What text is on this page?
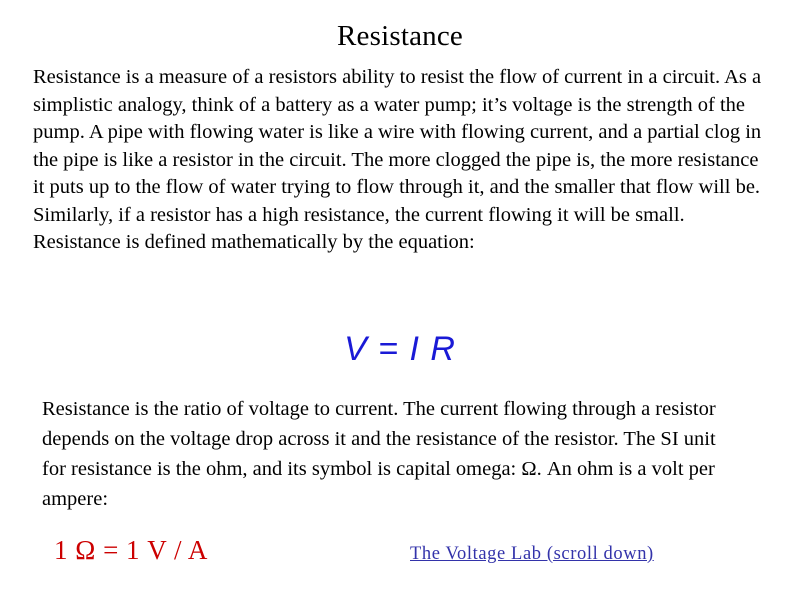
Resistance
Resistance is a measure of a resistors ability to resist the flow of current in a circuit. As a simplistic analogy, think of a battery as a water pump; it’s voltage is the strength of the pump. A pipe with flowing water is like a wire with flowing current, and a partial clog in the pipe is like a resistor in the circuit. The more clogged the pipe is, the more resistance it puts up to the flow of water trying to flow through it, and the smaller that flow will be. Similarly, if a resistor has a high resistance, the current flowing it will be small. Resistance is defined mathematically by the equation:
V = I R
Resistance is the ratio of voltage to current. The current flowing through a resistor depends on the voltage drop across it and the resistance of the resistor. The SI unit for resistance is the ohm, and its symbol is capital omega: Ω. An ohm is a volt per ampere:
1 Ω = 1 V / A	The Voltage Lab (scroll down)
